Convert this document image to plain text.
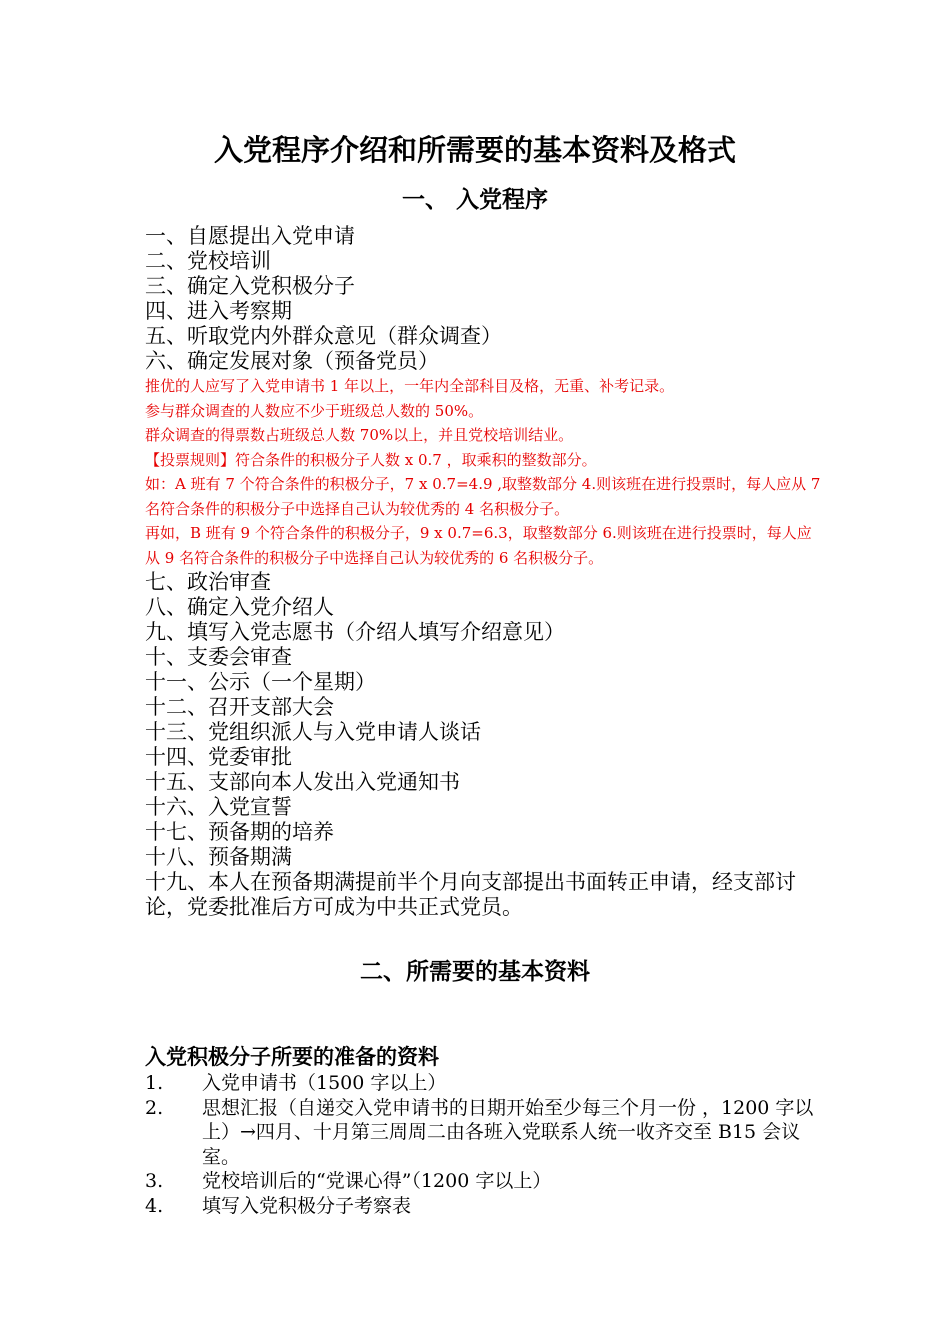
入党程序介绍和所需要的基本资料及格式
一、 入党程序
一、自愿提出入党申请
二、党校培训
三、确定入党积极分子
四、进入考察期
五、听取党内外群众意见（群众调查）
六、确定发展对象（预备党员）
推优的人应写了入党申请书 1 年以上，一年内全部科目及格，无重、补考记录。
参与群众调查的人数应不少于班级总人数的 50%。
群众调查的得票数占班级总人数 70%以上，并且党校培训结业。
【投票规则】符合条件的积极分子人数 x 0.7 ，取乘积的整数部分。
如：A 班有 7 个符合条件的积极分子，7 x 0.7=4.9 ,取整数部分 4.则该班在进行投票时，每人应从 7 名符合条件的积极分子中选择自己认为较优秀的 4 名积极分子。
再如，B 班有 9 个符合条件的积极分子，9 x 0.7=6.3，取整数部分 6.则该班在进行投票时，每人应从 9 名符合条件的积极分子中选择自己认为较优秀的 6 名积极分子。
七、政治审查
八、确定入党介绍人
九、填写入党志愿书（介绍人填写介绍意见）
十、支委会审查
十一、公示（一个星期）
十二、召开支部大会
十三、党组织派人与入党申请人谈话
十四、党委审批
十五、支部向本人发出入党通知书
十六、入党宣誓
十七、预备期的培养
十八、预备期满
十九、本人在预备期满提前半个月向支部提出书面转正申请，经支部讨论，党委批准后方可成为中共正式党员。
二、所需要的基本资料
入党积极分子所要的准备的资料
1.	入党申请书（1500 字以上）
2.	思想汇报（自递交入党申请书的日期开始至少每三个月一份 ，1200 字以上）→四月、十月第三周周二由各班入党联系人统一收齐交至 B15 会议室。
3.	党校培训后的“党课心得”（1200 字以上）
4.	填写入党积极分子考察表
